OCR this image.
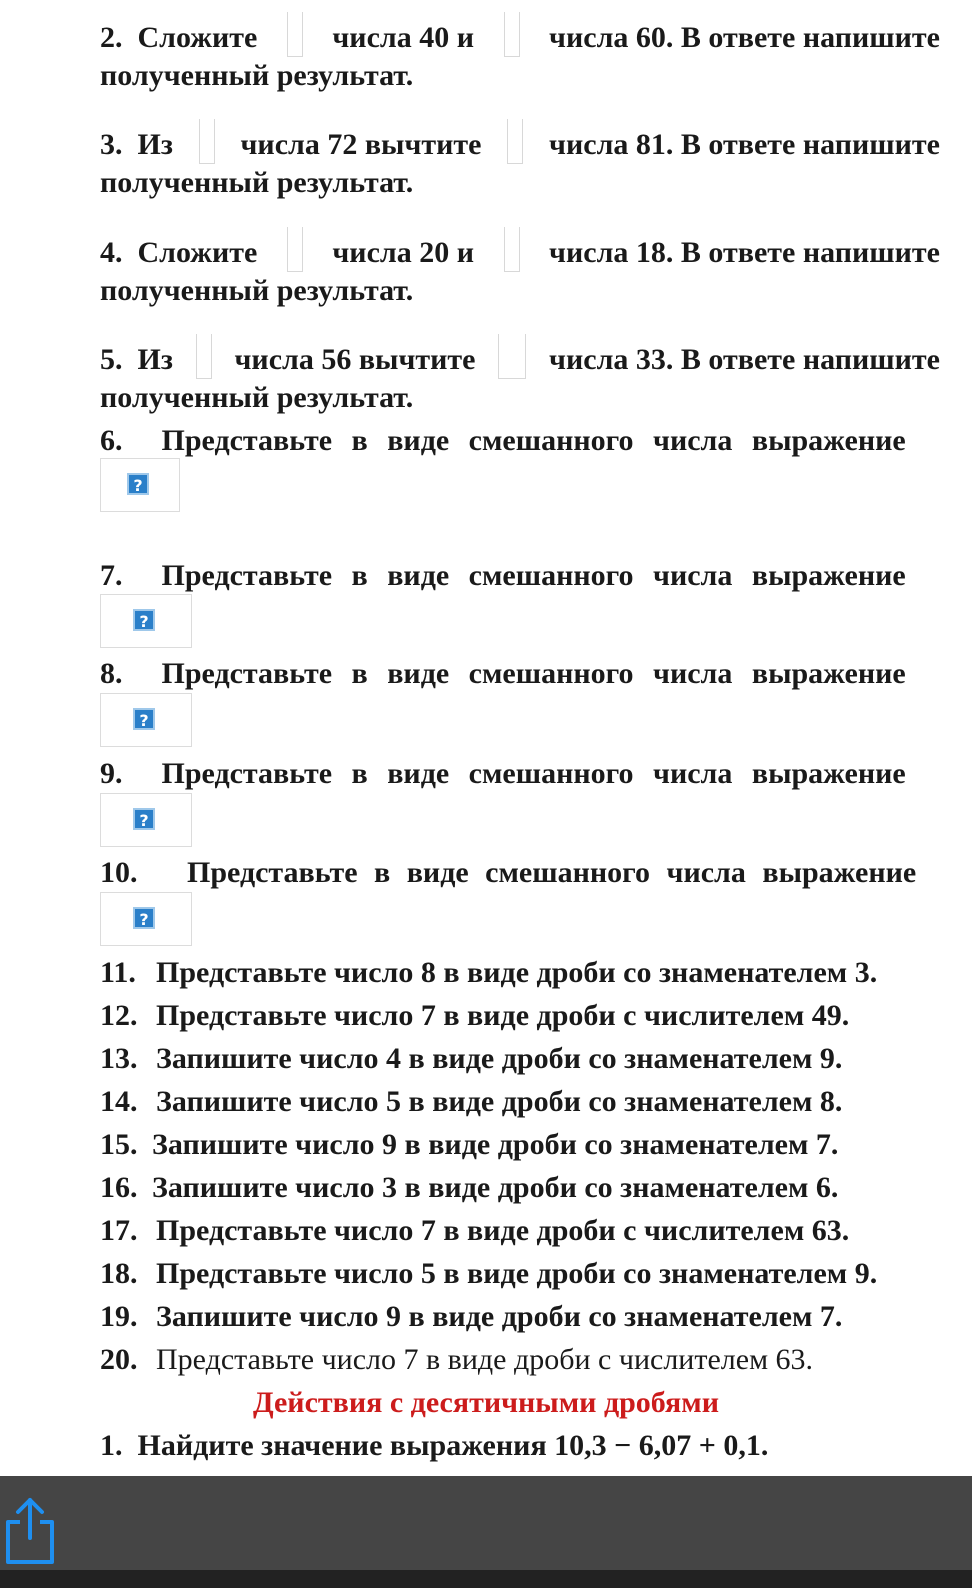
2. Сложите	числа 40 и	числа 60. В ответе напишите
полученный результат.
3. Из числа 72 вычтите числа 81. В ответе напишите
полученный результат.
4. Сложите	числа 20 и	числа 18. В ответе напишите
полученный результат.
5. Из числа 56 вычтите числа 33. В ответе напишите
полученный результат.
6. Представьте в виде смешанного числа выражение
?
7. Представьте в виде смешанного числа выражение
?
8. Представьте в виде смешанного числа выражение
?
9. Представьте в виде смешанного числа выражение
?
10. Представьте в виде смешанного числа выражение
?
11. Представьте число 8 в виде дроби со знаменателем 3.
12. Представьте число 7 в виде дроби с числителем 49.
13. Запишите число 4 в виде дроби со знаменателем 9.
14. Запишите число 5 в виде дроби со знаменателем 8.
15. Запишите число 9 в виде дроби со знаменателем 7.
16. Запишите число 3 в виде дроби со знаменателем 6.
17. Представьте число 7 в виде дроби с числителем 63.
18. Представьте число 5 в виде дроби со знаменателем 9.
19. Запишите число 9 в виде дроби со знаменателем 7.
20. Представьте число 7 в виде дроби с числителем 63.
Действия с десятичными дробями
1. Найдите значение выражения 10,3 − 6,07 + 0,1.
